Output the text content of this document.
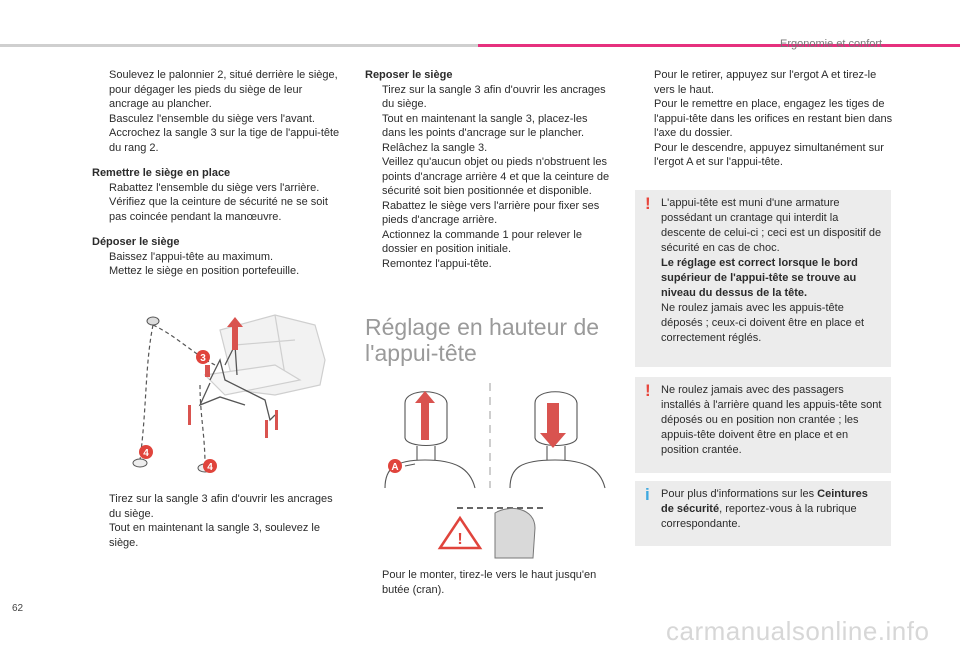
Ergonomie et confort

Soulevez le palonnier 2, situé derrière le siège, pour dégager les pieds du siège de leur ancrage au plancher.

Basculez l'ensemble du siège vers l'avant.

Accrochez la sangle 3 sur la tige de l'appui-tête du rang 2.

Remettre le siège en place

Rabattez l'ensemble du siège vers l'arrière.

Vérifiez que la ceinture de sécurité ne se soit pas coincée pendant la manœuvre.

Déposer le siège

Baissez l'appui-tête au maximum.

Mettez le siège en position portefeuille.

3
4
4

Tirez sur la sangle 3 afin d'ouvrir les ancrages du siège.

Tout en maintenant la sangle 3, soulevez le siège.

Reposer le siège

Tirez sur la sangle 3 afin d'ouvrir les ancrages du siège.

Tout en maintenant la sangle 3, placez-les dans les points d'ancrage sur le plancher.

Relâchez la sangle 3.

Veillez qu'aucun objet ou pieds n'obstruent les points d'ancrage arrière 4 et que la ceinture de sécurité soit bien positionnée et disponible.

Rabattez le siège vers l'arrière pour fixer ses pieds d'ancrage arrière.

Actionnez la commande 1 pour relever le dossier en position initiale.

Remontez l'appui-tête.

Réglage en hauteur de l'appui-tête
A
!

Pour le monter, tirez-le vers le haut jusqu'en butée (cran).

Pour le retirer, appuyez sur l'ergot A et tirez-le vers le haut.

Pour le remettre en place, engagez les tiges de l'appui-tête dans les orifices en restant bien dans l'axe du dossier.

Pour le descendre, appuyez simultanément sur l'ergot A et sur l'appui-tête.

! L'appui-tête est muni d'une armature possédant un crantage qui interdit la descente de celui-ci ; ceci est un dispositif de sécurité en cas de choc.
Le réglage est correct lorsque le bord supérieur de l'appui-tête se trouve au niveau du dessus de la tête.
Ne roulez jamais avec les appuis-tête déposés ; ceux-ci doivent être en place et correctement réglés.
! Ne roulez jamais avec des passagers installés à l'arrière quand les appuis-tête sont déposés ou en position non crantée ; les appuis-tête doivent être en place et en position crantée.
i Pour plus d'informations sur les Ceintures de sécurité, reportez-vous à la rubrique correspondante.
62
carmanualsonline.info
